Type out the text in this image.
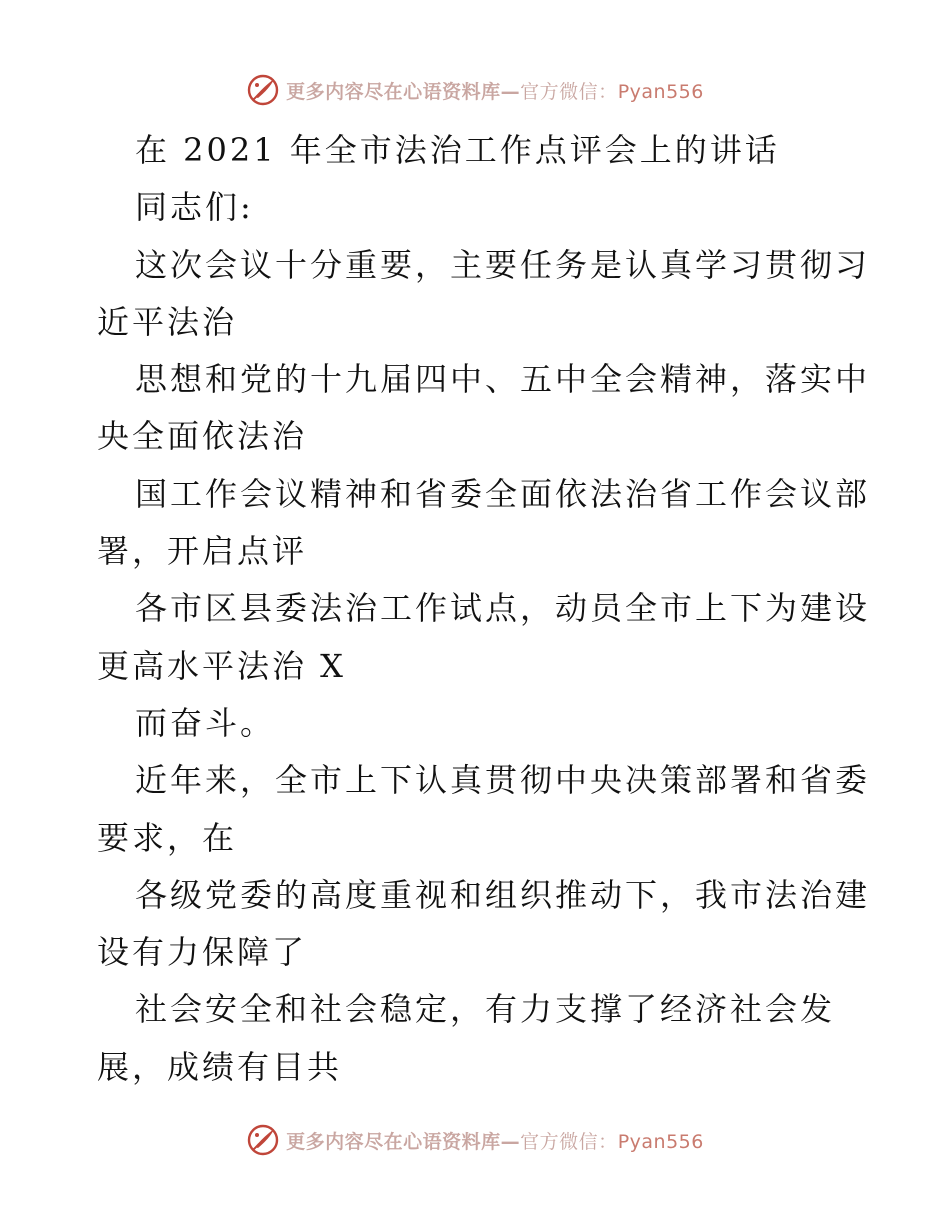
更多内容尽在心语资料库—官方微信：Pyan556
在 2021 年全市法治工作点评会上的讲话
同志们:
这次会议十分重要，主要任务是认真学习贯彻习
近平法治
思想和党的十九届四中、五中全会精神，落实中
央全面依法治
国工作会议精神和省委全面依法治省工作会议部
署，开启点评
各市区县委法治工作试点，动员全市上下为建设
更高水平法治 X
而奋斗。
近年来，全市上下认真贯彻中央决策部署和省委
要求，在
各级党委的高度重视和组织推动下，我市法治建
设有力保障了
社会安全和社会稳定，有力支撑了经济社会发
展，成绩有目共
更多内容尽在心语资料库—官方微信：Pyan556
